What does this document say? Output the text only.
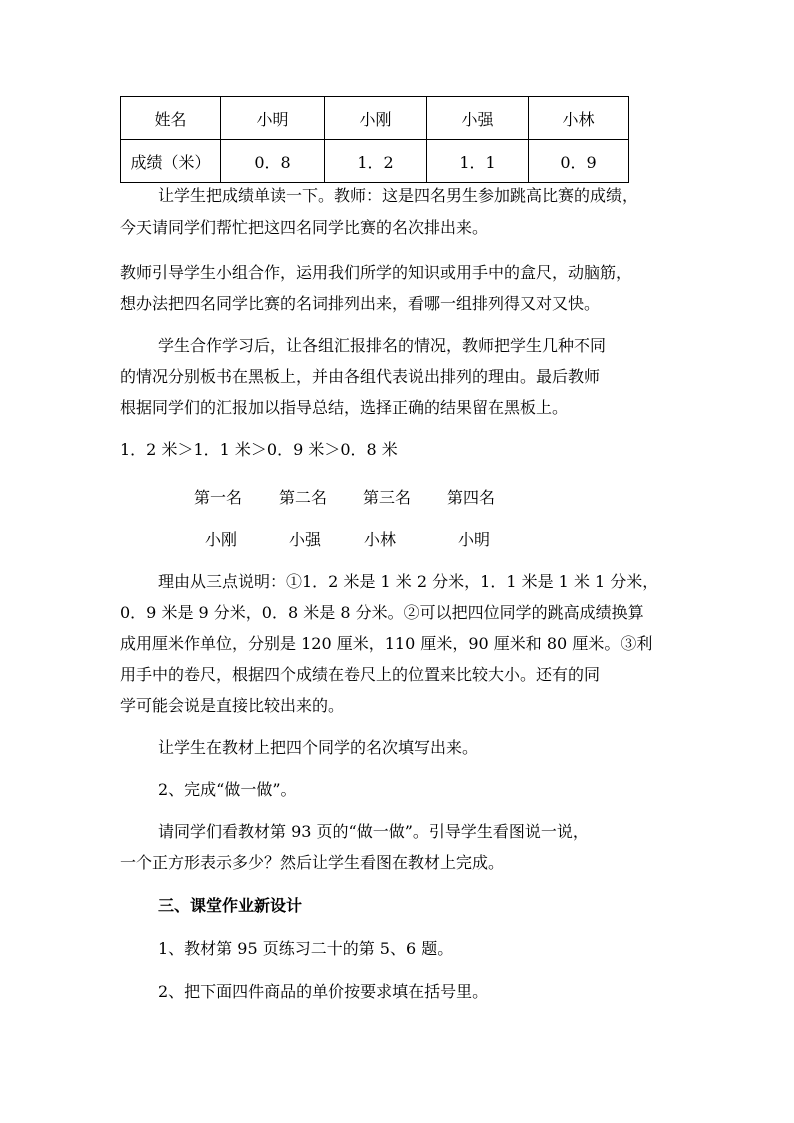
姓名	小明	小刚	小强	小林
成绩（米）	0．8	1．2	1．1	0．9
让学生把成绩单读一下。教师：这是四名男生参加跳高比赛的成绩，
今天请同学们帮忙把这四名同学比赛的名次排出来。
教师引导学生小组合作，运用我们所学的知识或用手中的盒尺，动脑筋，
想办法把四名同学比赛的名词排列出来，看哪一组排列得又对又快。
学生合作学习后，让各组汇报排名的情况，教师把学生几种不同
的情况分别板书在黑板上，并由各组代表说出排列的理由。最后教师
根据同学们的汇报加以指导总结，选择正确的结果留在黑板上。
1．2 米＞1．1 米＞0．9 米＞0．8 米
第一名 第二名 第三名 第四名
小刚	小强	小林	小明
理由从三点说明：①1．2 米是 1 米 2 分米，1．1 米是 1 米 1 分米，
0．9 米是 9 分米，0．8 米是 8 分米。②可以把四位同学的跳高成绩换算
成用厘米作单位，分别是 120 厘米，110 厘米，90 厘米和 80 厘米。③利
用手中的卷尺，根据四个成绩在卷尺上的位置来比较大小。还有的同
学可能会说是直接比较出来的。
让学生在教材上把四个同学的名次填写出来。
2、完成“做一做”。
请同学们看教材第 93 页的“做一做”。引导学生看图说一说，
一个正方形表示多少？然后让学生看图在教材上完成。
三、课堂作业新设计
1、教材第 95 页练习二十的第 5、6 题。
2、把下面四件商品的单价按要求填在括号里。
